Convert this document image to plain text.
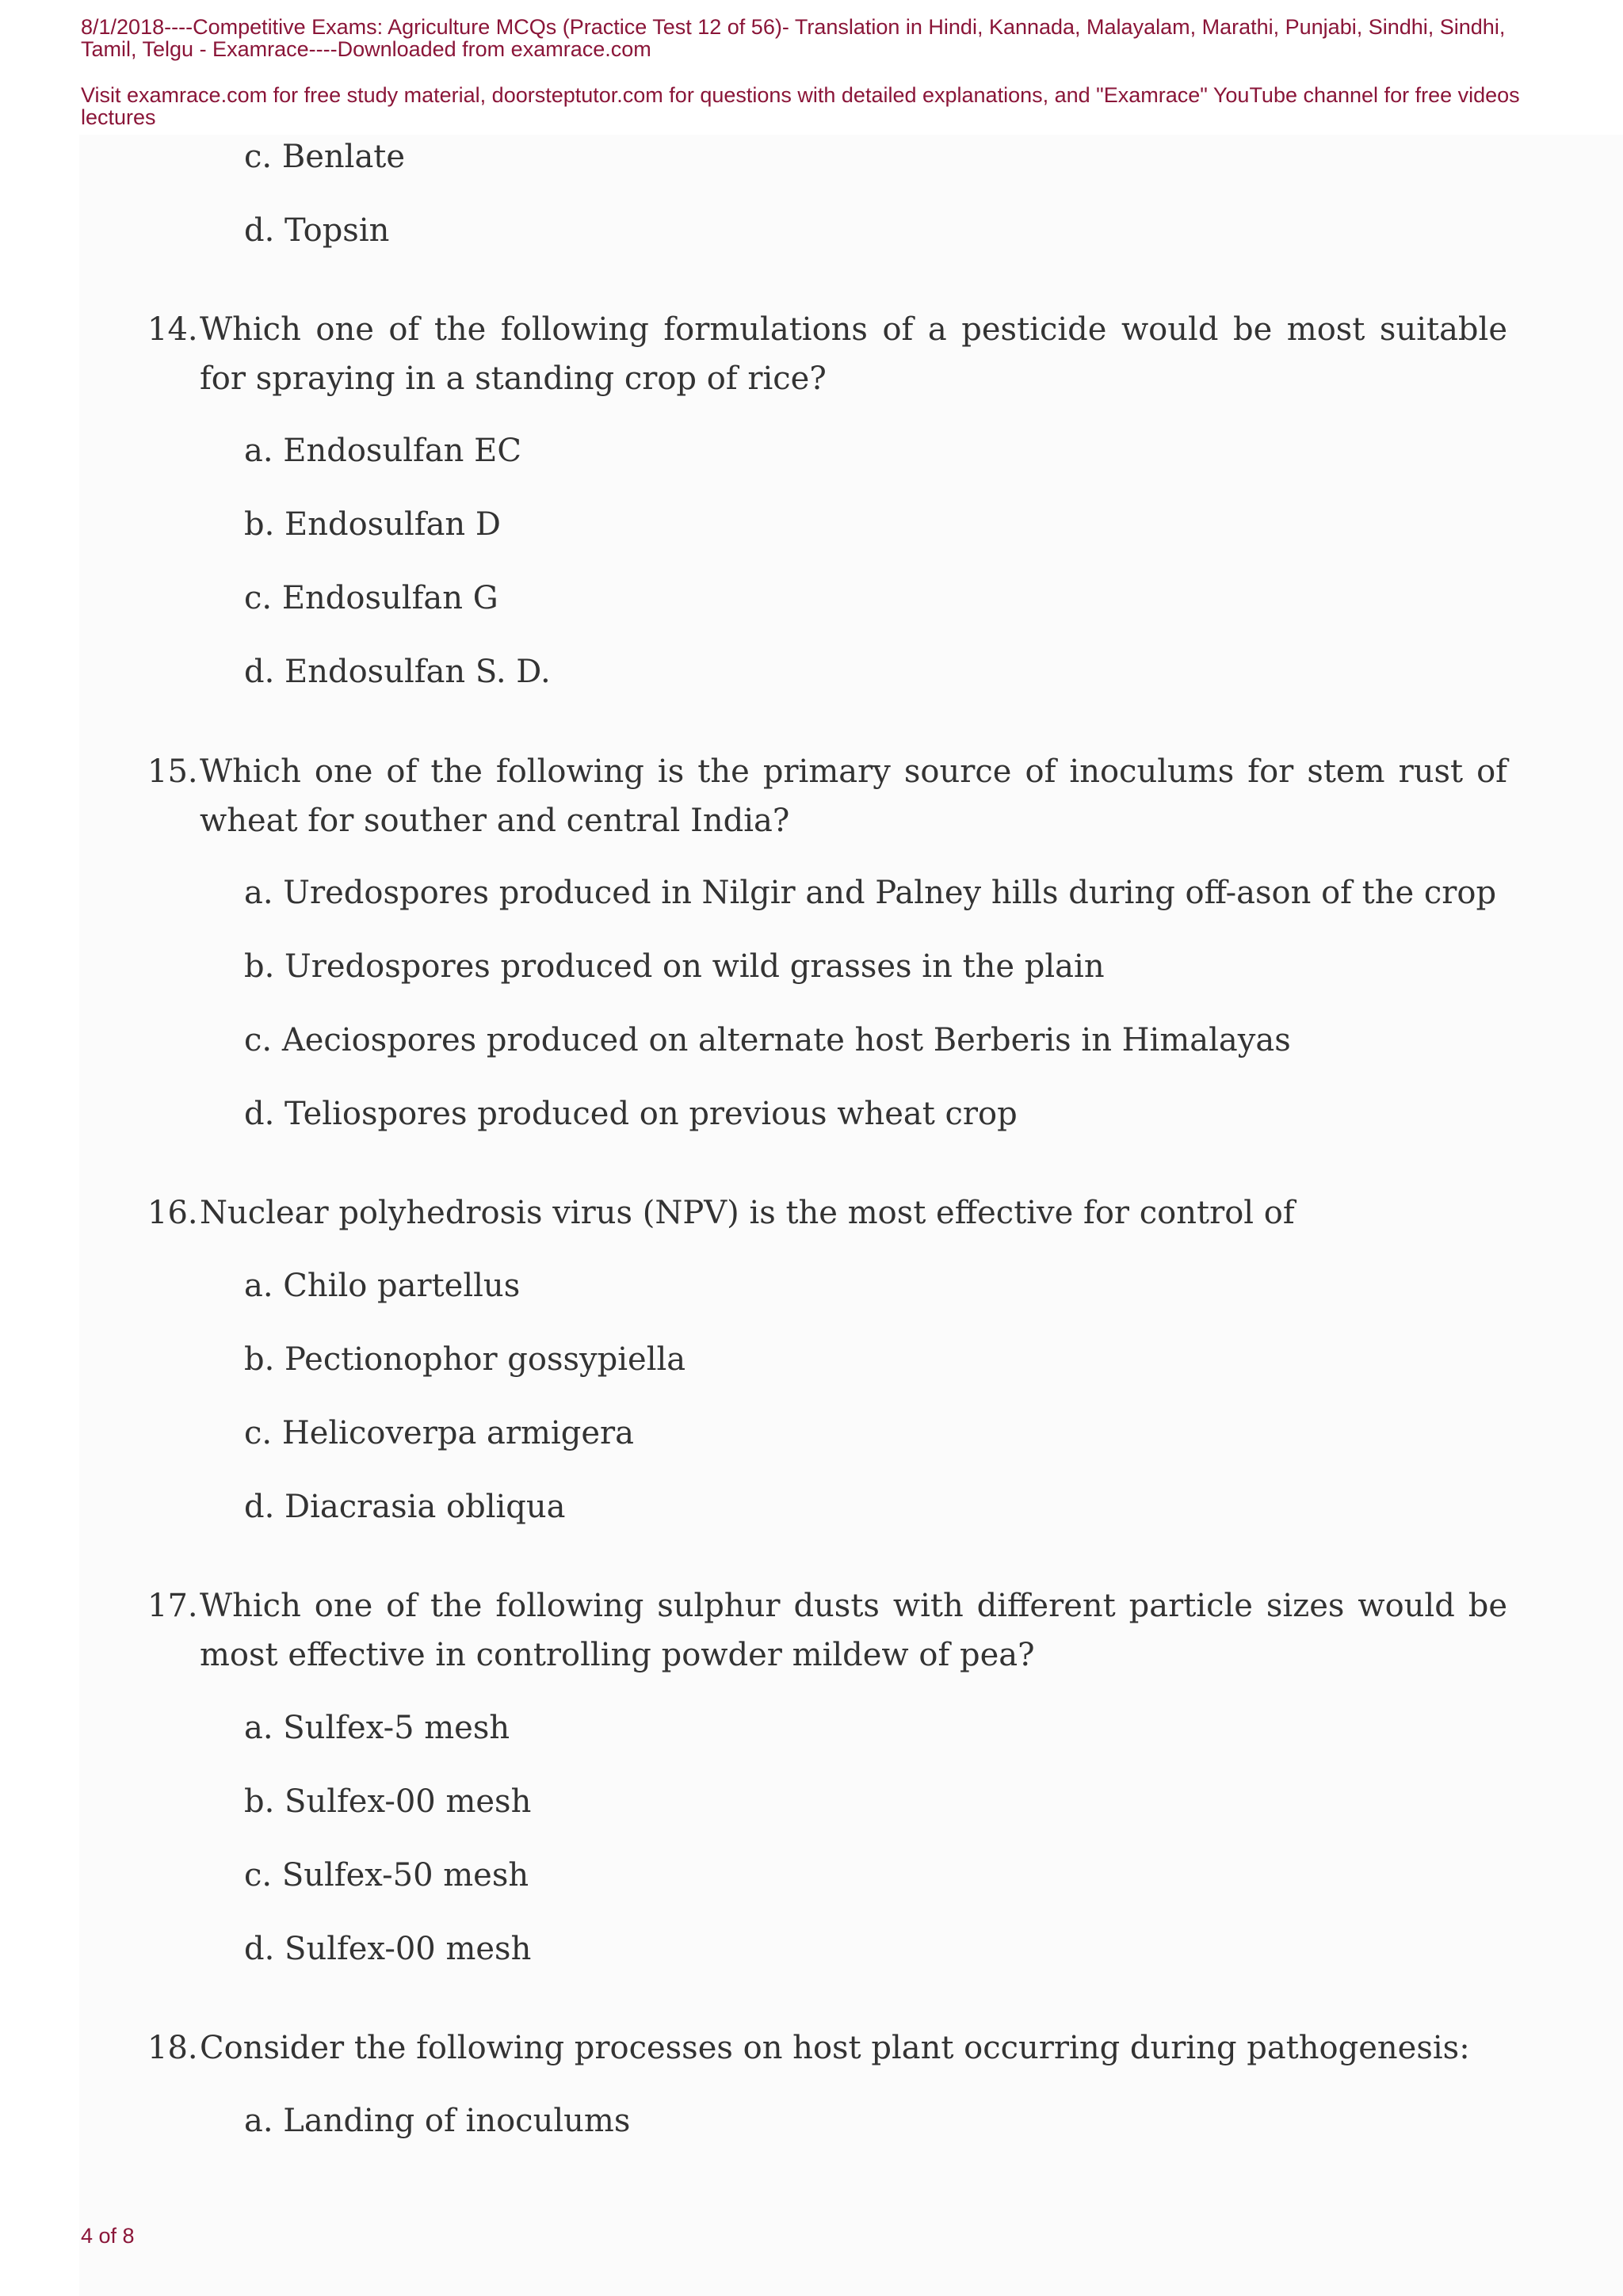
8/1/2018----Competitive Exams: Agriculture MCQs (Practice Test 12 of 56)- Translation in Hindi, Kannada, Malayalam, Marathi, Punjabi, Sindhi, Sindhi, Tamil, Telgu - Examrace----Downloaded from examrace.com
Visit examrace.com for free study material, doorsteptutor.com for questions with detailed explanations, and "Examrace" YouTube channel for free videos lectures
c. Benlate
d. Topsin
14. Which one of the following formulations of a pesticide would be most suitable for spraying in a standing crop of rice?
a. Endosulfan EC
b. Endosulfan D
c. Endosulfan G
d. Endosulfan S. D.
15. Which one of the following is the primary source of inoculums for stem rust of wheat for souther and central India?
a. Uredospores produced in Nilgir and Palney hills during off-ason of the crop
b. Uredospores produced on wild grasses in the plain
c. Aeciospores produced on alternate host Berberis in Himalayas
d. Teliospores produced on previous wheat crop
16. Nuclear polyhedrosis virus (NPV) is the most effective for control of
a. Chilo partellus
b. Pectionophor gossypiella
c. Helicoverpa armigera
d. Diacrasia obliqua
17. Which one of the following sulphur dusts with different particle sizes would be most effective in controlling powder mildew of pea?
a. Sulfex-5 mesh
b. Sulfex-00 mesh
c. Sulfex-50 mesh
d. Sulfex-00 mesh
18. Consider the following processes on host plant occurring during pathogenesis:
a. Landing of inoculums
4 of 8
